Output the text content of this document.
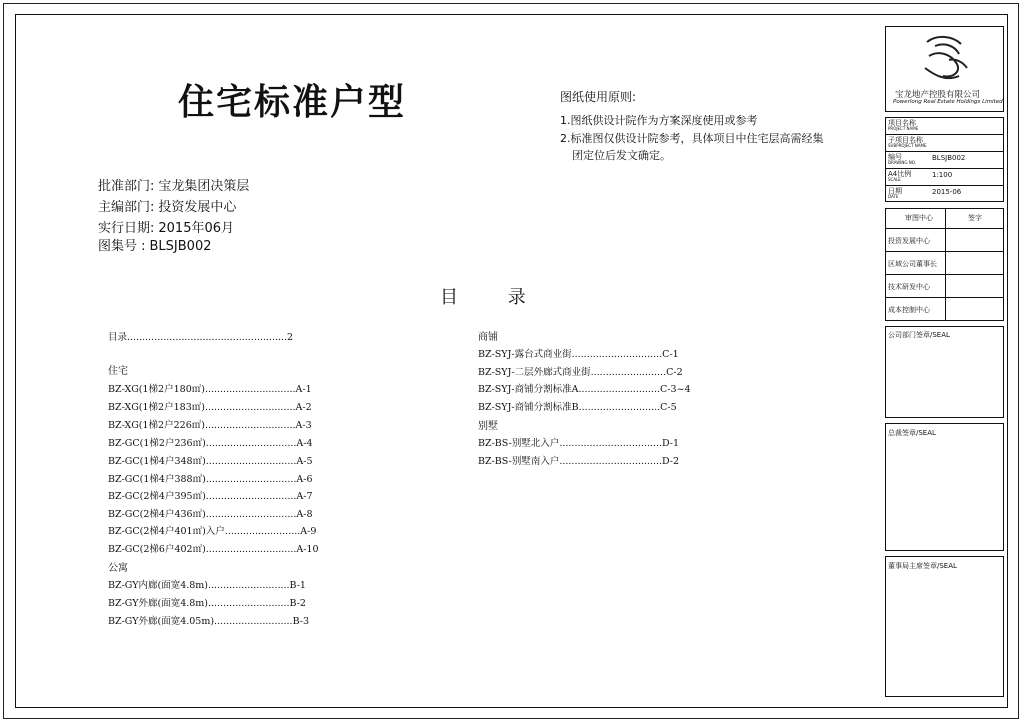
住宅标准户型
批准部门: 宝龙集团决策层
主编部门: 投资发展中心
实行日期: 2015年06月
图集号 : BLSJB002
图纸使用原则:
1.图纸供设计院作为方案深度使用或参考
2.标准图仅供设计院参考，具体项目中住宅层高需经集
团定位后发文确定。
目 录
目录.....................................................2
住宅
BZ-XG(1梯2户180㎡)..............................A-1
BZ-XG(1梯2户183㎡)..............................A-2
BZ-XG(1梯2户226㎡)..............................A-3
BZ-GC(1梯2户236㎡)..............................A-4
BZ-GC(1梯4户348㎡)..............................A-5
BZ-GC(1梯4户388㎡)..............................A-6
BZ-GC(2梯4户395㎡)..............................A-7
BZ-GC(2梯4户436㎡)..............................A-8
BZ-GC(2梯4户401㎡)入户.........................A-9
BZ-GC(2梯6户402㎡)..............................A-10
公寓
BZ-GY内廊(面宽4.8m)...........................B-1
BZ-GY外廊(面宽4.8m)...........................B-2
BZ-GY外廊(面宽4.05m)..........................B-3
商铺
BZ-SYJ-露台式商业街..............................C-1
BZ-SYJ-二层外廊式商业街.........................C-2
BZ-SYJ-商铺分割标准A...........................C-3~4
BZ-SYJ-商铺分割标准B...........................C-5
别墅
BZ-BS-别墅北入户..................................D-1
BZ-BS-别墅南入户..................................D-2
宝龙地产控股有限公司
Powerlong Real Estate Holdings Limited
项目名称
PROJECT NAME
子项目名称
SUBPROJECT NAME
编号
DRAWING NO.
BLSJB002
A4比例
SCALE
1:100
日期
DATE
2015-06
审图中心	签字
投资发展中心
区域公司董事长
技术研发中心
成本控制中心
公司部门签章/SEAL
总裁签章/SEAL
董事局主席签章/SEAL
